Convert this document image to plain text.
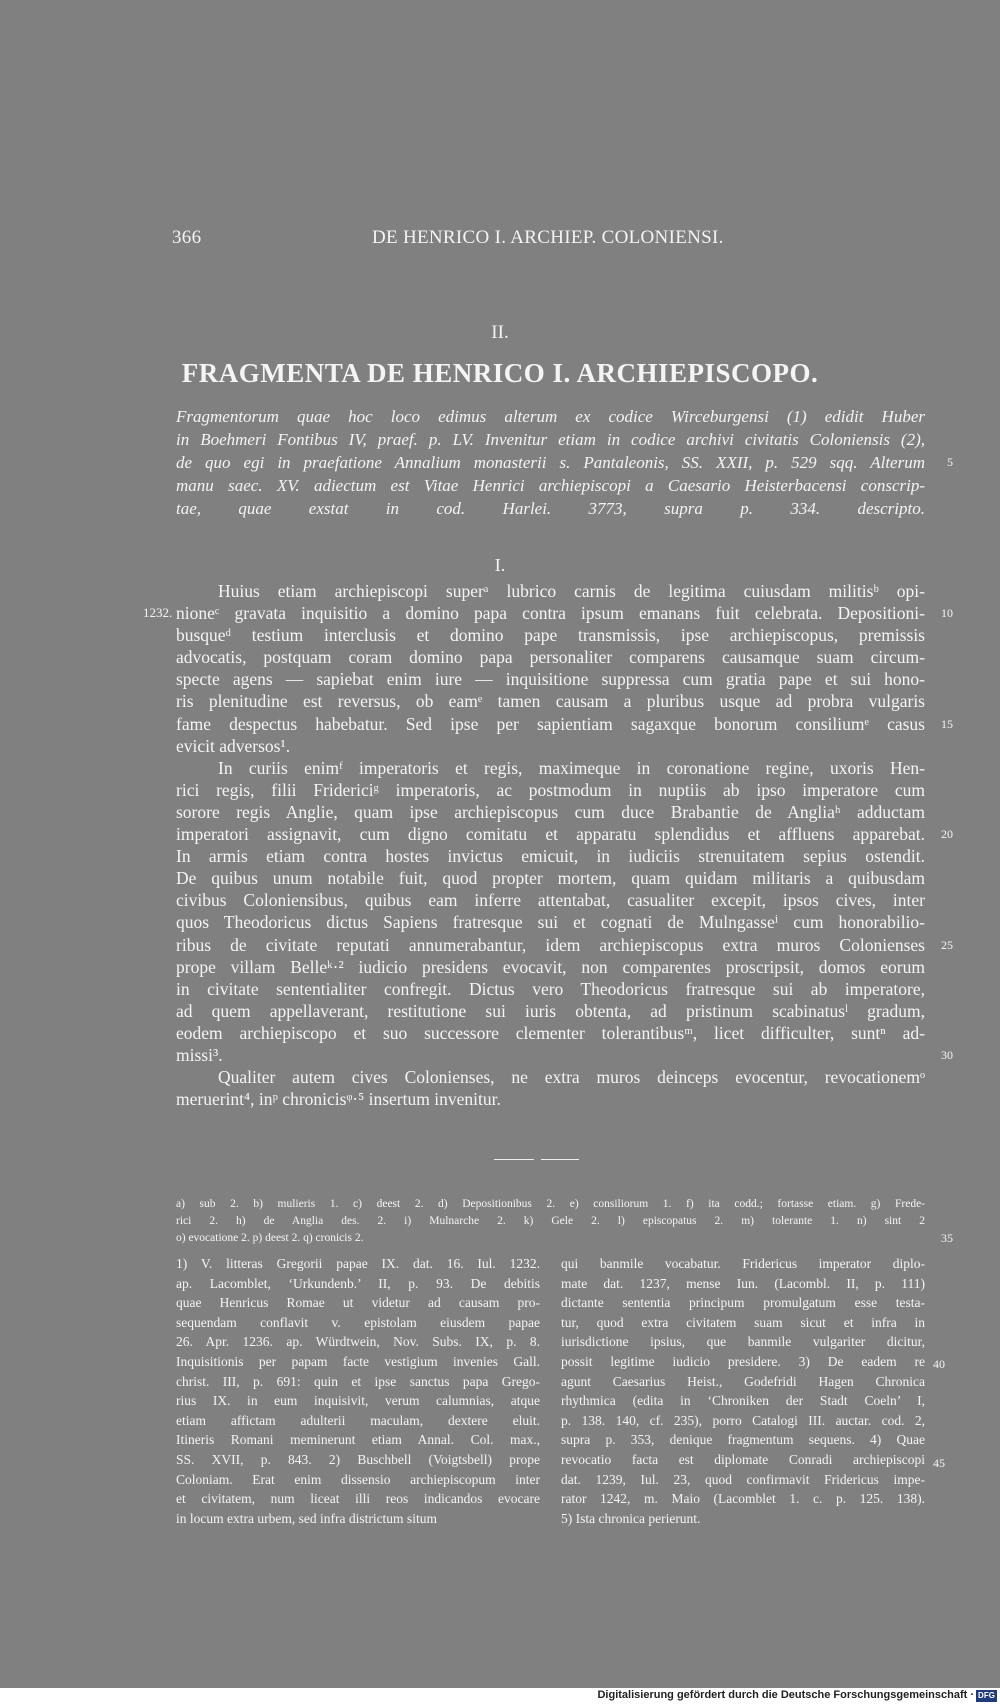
366	DE HENRICO I. ARCHIEP. COLONIENSI.
II.
FRAGMENTA DE HENRICO I. ARCHIEPISCOPO.
Fragmentorum quae hoc loco edimus alterum ex codice Wirceburgensi (1) edidit Huber
in Boehmeri Fontibus IV, praef. p. LV. Invenitur etiam in codice archivi civitatis Coloniensis (2),
de quo egi in praefatione Annalium monasterii s. Pantaleonis, SS. XXII, p. 529 sqq. Alterum 5
manu saec. XV. adiectum est Vitae Henrici archiepiscopi a Caesario Heisterbacensi conscrip-
tae, quae exstat in cod. Harlei. 3773, supra p. 334. descripto.
I.
Huius etiam archiepiscopi superᵃ lubrico carnis de legitima cuiusdam militisᵇ opi-
nioneᶜ gravata inquisitio a domino papa contra ipsum emanans fuit celebrata. Depositioni- 10
1232.
busqueᵈ testium interclusis et domino pape transmissis, ipse archiepiscopus, premissis
advocatis, postquam coram domino papa personaliter comparens causamque suam circum-
specte agens — sapiebat enim iure — inquisitione suppressa cum gratia pape et sui hono-
ris plenitudine est reversus, ob eamᵉ tamen causam a pluribus usque ad probra vulgaris
fame despectus habebatur. Sed ipse per sapientiam sagaxque bonorum consiliumᵉ casus 15
evicit adversos¹.
In curiis enimᶠ imperatoris et regis, maximeque in coronatione regine, uxoris Hen-
rici regis, filii Fridericiᵍ imperatoris, ac postmodum in nuptiis ab ipso imperatore cum
sorore regis Anglie, quam ipse archiepiscopus cum duce Brabantie de Angliaʰ adductam
imperatori assignavit, cum digno comitatu et apparatu splendidus et affluens apparebat. 20
In armis etiam contra hostes invictus emicuit, in iudiciis strenuitatem sepius ostendit.
De quibus unum notabile fuit, quod propter mortem, quam quidam militaris a quibusdam
civibus Coloniensibus, quibus eam inferre attentabat, casualiter excepit, ipsos cives, inter
quos Theodoricus dictus Sapiens fratresque sui et cognati de Mulngasseⁱ cum honorabilio-
ribus de civitate reputati annumerabantur, idem archiepiscopus extra muros Colonienses 25
prope villam Belleᵏ·² iudicio presidens evocavit, non comparentes proscripsit, domos eorum
in civitate sententialiter confregit. Dictus vero Theodoricus fratresque sui ab imperatore,
ad quem appellaverant, restitutione sui iuris obtenta, ad pristinum scabinatusˡ gradum,
eodem archiepiscopo et suo successore clementer tolerantibusᵐ, licet difficulter, suntⁿ ad-
missi³.	30
Qualiter autem cives Colonienses, ne extra muros deinceps evocentur, revocationemᵒ
meruerint⁴, inᵖ chronicisᵠ·⁵ insertum invenitur.
a) sub 2. b) mulieris 1. c) deest 2. d) Depositionibus 2. e) consiliorum 1. f) ita codd.; fortasse etiam. g) Frede-
rici 2. h) de Anglia des. 2. i) Mulnarche 2. k) Gele 2. l) episcopatus 2. m) tolerante 1. n) sint 2
o) evocatione 2. p) deest 2. q) cronicis 2.	35
1) V. litteras Gregorii papae IX. dat. 16. Iul. 1232.
ap. Lacomblet, ‘Urkundenb.’ II, p. 93. De debitis
quae Henricus Romae ut videtur ad causam pro-
sequendam conflavit v. epistolam eiusdem papae
26. Apr. 1236. ap. Würdtwein, Nov. Subs. IX, p. 8.
Inquisitionis per papam facte vestigium invenies Gall.
christ. III, p. 691: quin et ipse sanctus papa Grego-
rius IX. in eum inquisivit, verum calumnias, atque
etiam affictam adulterii maculam, dextere eluit.
Itineris Romani meminerunt etiam Annal. Col. max.,
SS. XVII, p. 843. 2) Buschbell (Voigtsbell) prope
Coloniam. Erat enim dissensio archiepiscopum inter
et civitatem, num liceat illi reos indicandos evocare
in locum extra urbem, sed infra districtum situm
qui banmile vocabatur. Fridericus imperator diplo-
mate dat. 1237, mense Iun. (Lacombl. II, p. 111)
dictante sententia principum promulgatum esse testa-
tur, quod extra civitatem suam sicut et infra in
iurisdictione ipsius, que banmile vulgariter dicitur,
possit legitime iudicio presidere. 3) De eadem re
agunt Caesarius Heist., Godefridi Hagen Chronica
rhythmica (edita in ‘Chroniken der Stadt Coeln’ I,
p. 138. 140, cf. 235), porro Catalogi III. auctar. cod. 2,
supra p. 353, denique fragmentum sequens. 4) Quae
revocatio facta est diplomate Conradi archiepiscopi
dat. 1239, Iul. 23, quod confirmavit Fridericus impe-
rator 1242, m. Maio (Lacomblet 1. c. p. 125. 138).
5) Ista chronica perierunt.
40
45
Digitalisierung gefördert durch die Deutsche Forschungsgemeinschaft · DFG
